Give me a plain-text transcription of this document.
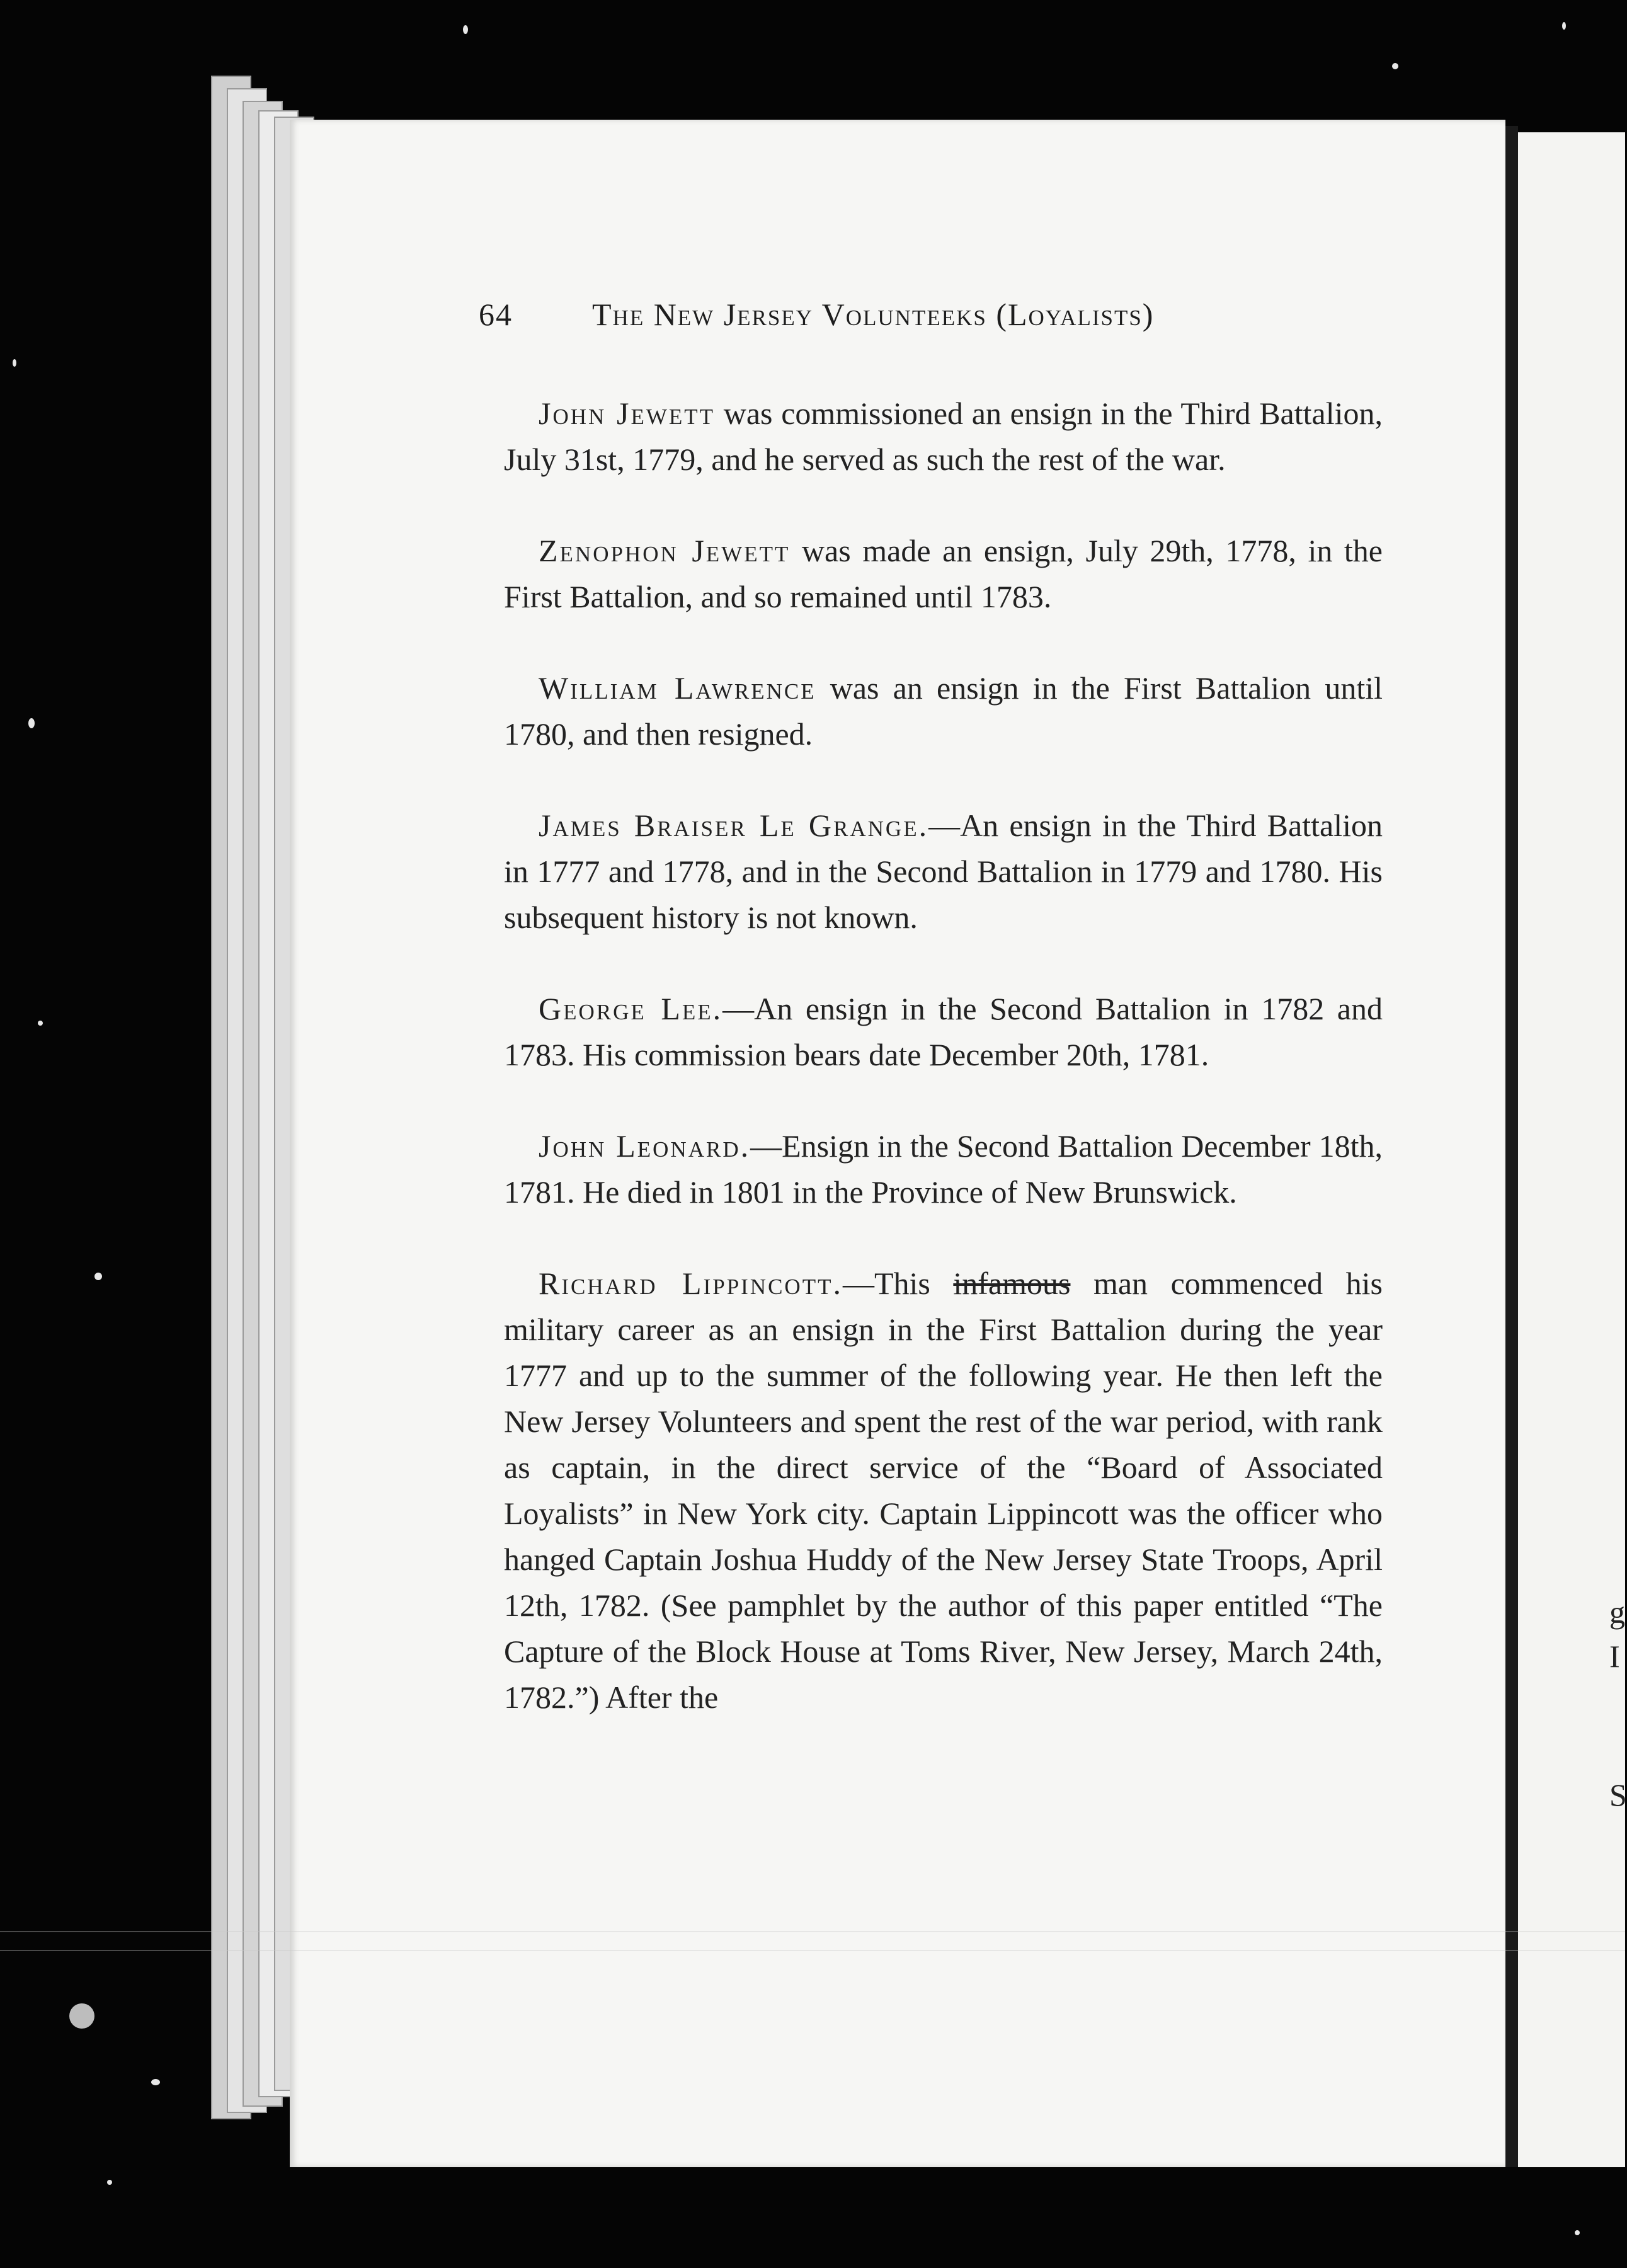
g
I
S
64	The New Jersey Volunteeks (Loyalists)

John Jewett was commissioned an ensign in the Third Battalion, July 31st, 1779, and he served as such the rest of the war.

Zenophon Jewett was made an ensign, July 29th, 1778, in the First Battalion, and so remained until 1783.

William Lawrence was an ensign in the First Battalion until 1780, and then resigned.

James Braiser Le Grange.—An ensign in the Third Battalion in 1777 and 1778, and in the Second Battalion in 1779 and 1780. His subsequent history is not known.

George Lee.—An ensign in the Second Battalion in 1782 and 1783. His commission bears date December 20th, 1781.

John Leonard.—Ensign in the Second Battalion December 18th, 1781. He died in 1801 in the Province of New Brunswick.

Richard Lippincott.—This infamous man commenced his military career as an ensign in the First Battalion during the year 1777 and up to the summer of the following year. He then left the New Jersey Volunteers and spent the rest of the war period, with rank as captain, in the direct service of the “Board of Associated Loyalists” in New York city. Captain Lippincott was the officer who hanged Captain Joshua Huddy of the New Jersey State Troops, April 12th, 1782. (See pamphlet by the author of this paper entitled “The Capture of the Block House at Toms River, New Jersey, March 24th, 1782.”) After the
